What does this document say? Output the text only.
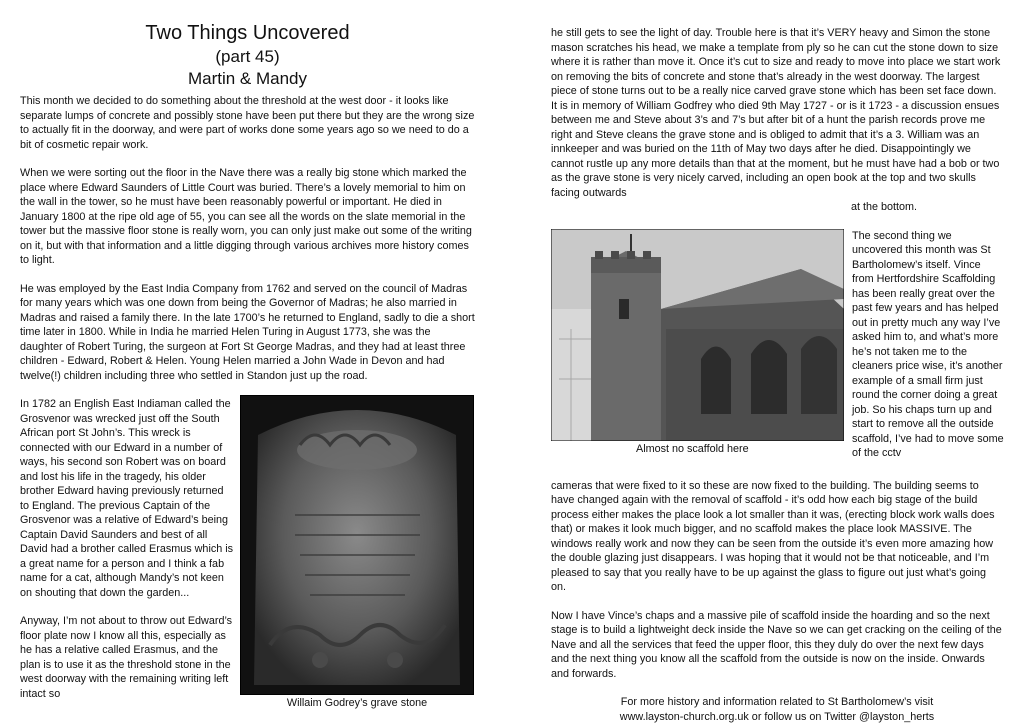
Two Things Uncovered
(part 45)
Martin & Mandy

This month we decided to do something about the threshold at the west door - it looks like separate lumps of concrete and possibly stone have been put there but they are the wrong size to actually fit in the doorway, and were part of works done some years ago so we need to do a bit of cosmetic repair work.

When we were sorting out the floor in the Nave there was a really big stone which marked the place where Edward Saunders of Little Court was buried. There’s a lovely memorial to him on the wall in the tower, so he must have been reasonably powerful or important. He died in January 1800 at the ripe old age of 55, you can see all the words on the slate memorial in the tower but the massive floor stone is really worn, you can only just make out some of the writing on it, but with that information and a little digging through various archives more history comes to light.

He was employed by the East India Company from 1762 and served on the council of Madras for many years which was one down from being the Governor of Madras; he also married in Madras and raised a family there. In the late 1700’s he returned to England, sadly to die a short time later in 1800. While in India he married Helen Turing in August 1773, she was the daughter of Robert Turing, the surgeon at Fort St George Madras, and they had at least three children - Edward, Robert & Helen. Young Helen married a John Wade in Devon and had twelve(!) children including three who settled in Standon just up the road.

In 1782 an English East Indiaman called the Grosvenor was wrecked just off the South African port St John’s. This wreck is connected with our Edward in a number of ways, his second son Robert was on board and lost his life in the tragedy, his older brother Edward having previously returned to England. The previous Captain of the Grosvenor was a relative of Edward’s being Captain David Saunders and best of all David had a brother called Erasmus which is a great name for a person and I think a fab name for a cat, although Mandy’s not keen on shouting that down the garden...

Anyway, I’m not about to throw out Edward’s floor plate now I know all this, especially as he has a relative called Erasmus, and the plan is to use it as the threshold stone in the west doorway with the remaining writing left intact so

Willaim Godrey’s grave stone
he still gets to see the light of day. Trouble here is that it’s VERY heavy and Simon the stone mason scratches his head, we make a template from ply so he can cut the stone down to size where it is rather than move it. Once it’s cut to size and ready to move into place we start work on removing the bits of concrete and stone that’s already in the west doorway. The largest piece of stone turns out to be a really nice carved grave stone which has been set face down. It is in memory of William Godfrey who died 9th May 1727 - or is it 1723 - a discussion ensues between me and Steve about 3’s and 7’s but after bit of a hunt the parish records prove me right and Steve cleans the grave stone and is obliged to admit that it’s a 3. William was an innkeeper and was buried on the 11th of May two days after he died. Disappointingly we cannot rustle up any more details than that at the moment, but he must have had a bob or two as the grave stone is very nicely carved, including an open book at the top and two skulls facing outwards
at the bottom.
Almost no scaffold here
The second thing we uncovered this month was St Bartholomew’s itself. Vince from Hertfordshire Scaffolding has been really great over the past few years and has helped out in pretty much any way I’ve asked him to, and what’s more he’s not taken me to the cleaners price wise, it’s another example of a small firm just round the corner doing a great job. So his chaps turn up and start to remove all the outside scaffold, I’ve had to move some of the cctv

cameras that were fixed to it so these are now fixed to the building. The building seems to have changed again with the removal of scaffold - it’s odd how each big stage of the build process either makes the place look a lot smaller than it was, (erecting block work walls does that) or makes it look much bigger, and no scaffold makes the place look MASSIVE. The windows really work and now they can be seen from the outside it’s even more amazing how the double glazing just disappears. I was hoping that it would not be that noticeable, and I’m pleased to say that you really have to be up against the glass to figure out just what’s going on.

Now I have Vince’s chaps and a massive pile of scaffold inside the hoarding and so the next stage is to build a lightweight deck inside the Nave so we can get cracking on the ceiling of the Nave and all the services that feed the upper floor, this they duly do over the next few days and the next thing you know all the scaffold from the outside is now on the inside. Onwards and forwards.

For more history and information related to St Bartholomew’s visit
www.layston-church.org.uk or follow us on Twitter @layston_herts
